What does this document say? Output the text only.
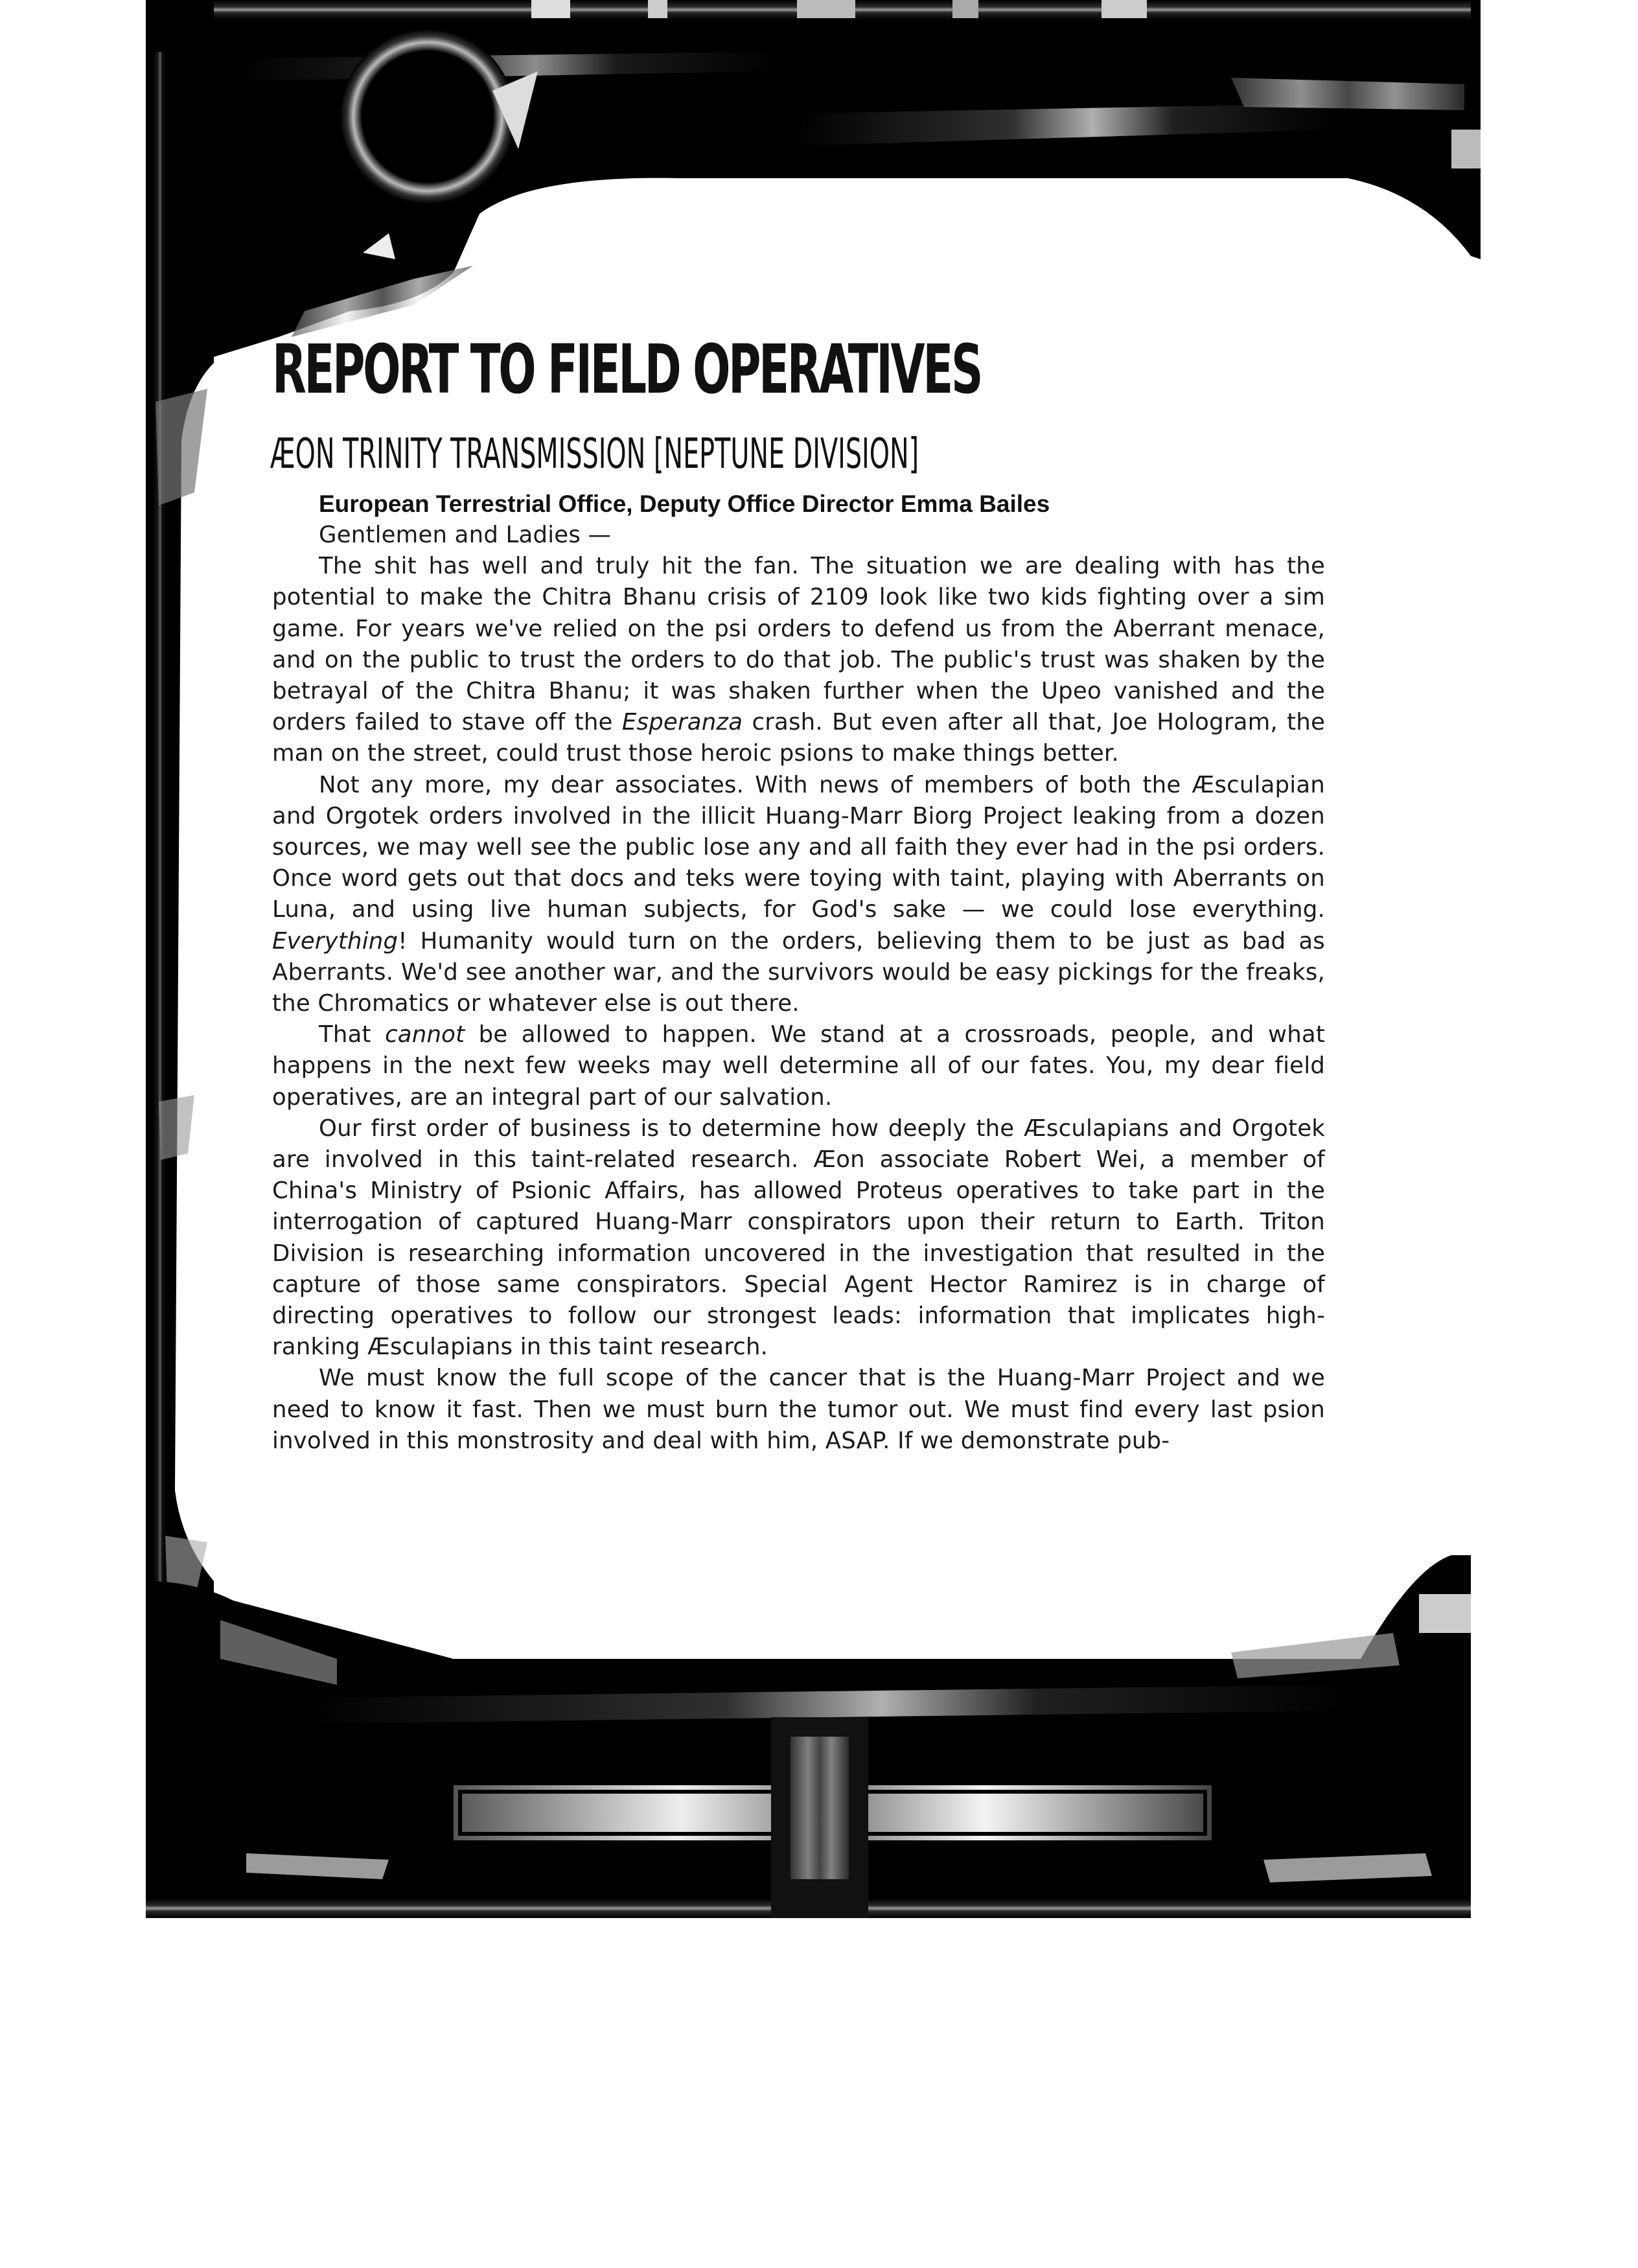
REPORT TO FIELD OPERATIVES
ÆON TRINITY TRANSMISSION [NEPTUNE DIVISION]
European Terrestrial Office, Deputy Office Director Emma Bailes

Gentlemen and Ladies —

The shit has well and truly hit the fan. The situation we are dealing with has the potential to make the Chitra Bhanu crisis of 2109 look like two kids fighting over a sim game. For years we've relied on the psi orders to defend us from the Aberrant menace, and on the public to trust the orders to do that job. The public's trust was shaken by the betrayal of the Chitra Bhanu; it was shaken further when the Upeo vanished and the orders failed to stave off the Esperanza crash. But even after all that, Joe Hologram, the man on the street, could trust those heroic psions to make things better.

Not any more, my dear associates. With news of members of both the Æsculapian and Orgotek orders involved in the illicit Huang-Marr Biorg Project leaking from a dozen sources, we may well see the public lose any and all faith they ever had in the psi orders. Once word gets out that docs and teks were toying with taint, playing with Aberrants on Luna, and using live human subjects, for God's sake — we could lose everything. Everything! Humanity would turn on the orders, believing them to be just as bad as Aberrants. We'd see another war, and the survivors would be easy pickings for the freaks, the Chromatics or whatever else is out there.

That cannot be allowed to happen. We stand at a crossroads, people, and what happens in the next few weeks may well determine all of our fates. You, my dear field operatives, are an integral part of our salvation.

Our first order of business is to determine how deeply the Æsculapians and Orgotek are involved in this taint-related research. Æon associate Robert Wei, a member of China's Ministry of Psionic Affairs, has allowed Proteus operatives to take part in the interrogation of captured Huang-Marr conspirators upon their return to Earth. Triton Division is researching information uncovered in the investigation that resulted in the capture of those same conspirators. Special Agent Hector Ramirez is in charge of directing operatives to follow our strongest leads: information that implicates high-ranking Æsculapians in this taint research.

We must know the full scope of the cancer that is the Huang-Marr Project and we need to know it fast. Then we must burn the tumor out. We must find every last psion involved in this monstrosity and deal with him, ASAP. If we demonstrate pub-
